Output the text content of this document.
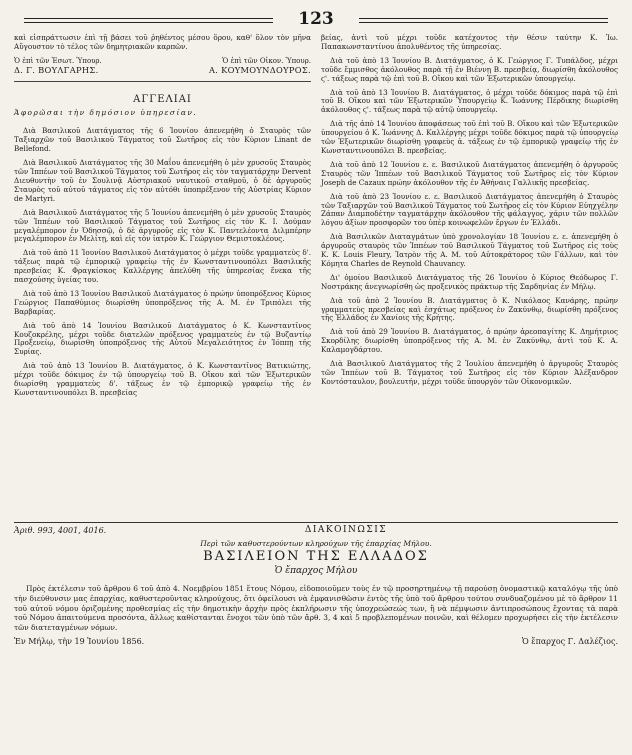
123

καὶ εἰσπράττωσιν ἐπὶ τῇ βάσει τοῦ ῥηθέντος μέσου ὅρου, καθ' ὅλον τὸν μῆνα Αὔγουστον τὸ τέλος τῶν δημητριακῶν καρπῶν.

Ὁ ἐπὶ τῶν Ἐσωτ. Ὑπουρ.	Ὁ ἐπὶ τῶν Οἰκον. Ὑπουρ.
Δ. Γ. ΒΟΥΛΓΑΡΗΣ.	Α. ΚΟΥΜΟΥΝΔΟΥΡΟΣ.
ΑΓΓΕΛΙΑΙ
Ἀφορῶσαι τὴν δημόσιον ὑπηρεσίαν.

Διὰ Βασιλικοῦ Διατάγματος τῆς 6 Ἰουνίου ἀπενεμήθη ὁ Σταυρὸς τῶν Ταξιαρχῶν τοῦ Βασιλικοῦ Τάγματος τοῦ Σωτῆρος εἰς τὸν Κύριον Linant de Bellefond.

Διὰ Βασιλικοῦ Διατάγματος τῆς 30 Μαΐου ἀπενεμήθη ὁ μὲν χρυσοῦς Σταυρὸς τῶν Ἱππέων τοῦ Βασιλικοῦ Τάγματος τοῦ Σωτῆρος εἰς τὸν ταγματάρχην Dervent Διευθυντὴν τοῦ ἐν Σουλινᾷ Αὐστριακοῦ ναυτικοῦ σταθμοῦ, ὁ δὲ ἀργυροῦς Σταυρὸς τοῦ αὐτοῦ τάγματος εἰς τὸν αὐτόθι ὑποπρέξενον τῆς Αὐστρίας Κύριον de Martyri.

Διὰ Βασιλικοῦ Διατάγματος τῆς 5 Ἰουνίου ἀπενεμήθη ὁ μὲν χρυσοῦς Σταυρὸς τῶν Ἱππέων τοῦ Βασιλικοῦ Τάγματος τοῦ Σωτῆρος εἰς τὸν Κ. Ι. Δούμαν μεγαλέμπορον ἐν Ὀδησσῷ, ὁ δὲ ἀργυροῦς εἰς τὸν Κ. Παντελέοντα Διλμπέρην μεγαλέμπορον ἐν Μελίτῃ, καὶ εἰς τὸν ἰατρὸν Κ. Γεώργιον Θεμιστοκλέους.

Διὰ τοῦ ἀπὸ 11 Ἰουνίου Βασιλικοῦ Διατάγματος ὁ μέχρι τοῦδε γραμματεὺς δ'. τάξεως παρὰ τῷ ἐμπορικῷ γραφείῳ τῆς ἐν Κωνσταντινουπόλει Βασιλικῆς πρεσβείας Κ. Φραγκίσκος Καλλέργης ἀπελύθη τῆς ὑπηρεσίας ἕνεκα τῆς πασχούσης ὑγείας του.

Διὰ τοῦ ἀπὸ 13 Ἰουνίου Βασιλικοῦ Διατάγματος ὁ πρώην ὑποπρόξενος Κύριος Γεώργιος Παπαθύμιος διωρίσθη ὑποπρόξενος τῆς Α. Μ. ἐν Τριπόλει τῆς Βαρβαρίας.

Διὰ τοῦ ἀπὸ 14 Ἰουνίου Βασιλικοῦ Διατάγματος ὁ Κ. Κωνσταντῖνος Κουζοκρέλης, μέχρι τοῦδε διατελῶν πρόξενος γραμματεὺς ἐν τῷ Βυζαντίῳ Προξενείῳ, διωρίσθη ὑποπρόξενος τῆς Αὐτοῦ Μεγαλειότητος ἐν Ἰόππῃ τῆς Συρίας.

Διὰ τοῦ ἀπὸ 13 Ἰουνίου Β. Διατάγματος, ὁ Κ. Κωνσταντῖνος Βατικιώτης, μέχρι τοῦδε δόκιμος ἐν τῷ ὑπουργείῳ τοῦ Β. Οἴκου καὶ τῶν Ἐξωτερικῶν διωρίσθη γραμματεὺς δ'. τάξεως ἐν τῷ ἐμπορικῷ γραφείῳ τῆς ἐν Κωνσταντινουπόλει Β. πρεσβείας

βείας, ἀντὶ τοῦ μέχρι τοῦδε κατέχοντος τὴν θέσιν ταύτην Κ. Ἰω. Παπακωνσταντίνου ἀπολυθέντος τῆς ὑπηρεσίας.

Διὰ τοῦ ἀπὸ 13 Ἰουνίου Β. Διατάγματος, ὁ Κ. Γεώργιος Γ. Τυπάλδος, μέχρι τοῦδε ἔμμισθος ἀκόλουθος παρὰ τῇ ἐν Βιέννῃ Β. πρεσβείᾳ, διωρίσθη ἀκόλουθος ϛ'. τάξεως παρὰ τῷ ἐπὶ τοῦ Β. Οἴκου καὶ τῶν Ἐξωτερικῶν ὑπουργείῳ.

Διὰ τοῦ ἀπὸ 13 Ἰουνίου Β. Διατάγματος, ὁ μέχρι τοῦδε δόκιμος παρὰ τῷ ἐπὶ τοῦ Β. Οἴκου καὶ τῶν Ἐξωτερικῶν Ὑπουργείῳ Κ. Ἰωάννης Πέρδικης διωρίσθη ἀκόλουθος ϛ'. τάξεως παρὰ τῷ αὐτῷ ὑπουργείῳ.

Διὰ τῆς ἀπὸ 14 Ἰουνίου ἀποφάσεως τοῦ ἐπὶ τοῦ Β. Οἴκου καὶ τῶν Ἐξωτερικῶν ὑπουργείου ὁ Κ. Ἰωάννης Δ. Καλλέργης μέχρι τοῦδε δόκιμος παρὰ τῷ ὑπουργείῳ τῶν Ἐξωτερικῶν διωρίσθη γραφεὺς ἀ. τάξεως ἐν τῷ ἐμπορικῷ γραφείῳ τῆς ἐν Κωνσταντινουπόλει Β. πρεσβείας.

Διὰ τοῦ ἀπὸ 12 Ἰουνίου ε. ε. Βασιλικοῦ Διατάγματος ἀπενεμήθη ὁ ἀργυροῦς Σταυρὸς τῶν Ἱππέων τοῦ Βασιλικοῦ Τάγματος τοῦ Σωτῆρος εἰς τὸν Κύριον Joseph de Cazaux πρώην ἀκόλουθον τῆς ἐν Ἀθήναις Γαλλικῆς πρεσβείας.

Διὰ τοῦ ἀπὸ 23 Ἰουνίου ε. ε. Βασιλικοῦ Διατάγματος ἀπενεμήθη ὁ Σταυρὸς τῶν Ταξιαρχῶν τοῦ Βασιλικοῦ Τάγματος τοῦ Σωτῆρος εἰς τὸν Κύριον Εὐηχγέλην Ζάπαν Διαμποδέτην ταγματάρχην ἀκόλουθον τῆς φάλαγγος, χάριν τῶν πολλῶν λόγου ἀξίων προσφορῶν του ὑπὲρ κοινωφελῶν ἔργων ἐν Ἑλλάδι.

Διὰ Βασιλικῶν Διαταγμάτων ὑπὸ χρονολογίαν 18 Ἰουνίου ε. ε. ἀπενεμήθη ὁ ἀργυροῦς σταυρὸς τῶν Ἱππέων τοῦ Βασιλικοῦ Τάγματος τοῦ Σωτῆρος εἰς τοὺς Κ. Κ. Louis Fleury, Ἰατρὸν τῆς Α. Μ. τοῦ Αὐτοκράτορος τῶν Γάλλων, καὶ τὸν Κόμητα Charles de Reynold Chauvancy.

Δι' ὁμοίου Βασιλικοῦ Διατάγματος τῆς 26 Ἰουνίου ὁ Κύριος Θεόδωρος Γ. Νοστράκης ἀνεγνωρίσθη ὡς προξενικὸς πράκτωρ τῆς Σαρδηνίας ἐν Μήλῳ.

Διὰ τοῦ ἀπὸ 2 Ἰουνίου Β. Διατάγματος ὁ Κ. Νικόλαος Κανάρης, πρώην γραμματεὺς πρεσβείας καὶ ἐσχάτως πρόξενος ἐν Ζακύνθῳ, διωρίσθη πρόξενος τῆς Ἑλλάδος ἐν Χανίοις τῆς Κρήτης.

Διὰ τοῦ ἀπὸ 29 Ἰουνίου Β. Διατάγματος, ὁ πρώην ἀρεοπαγίτης Κ. Δημήτριος Σκορδίλης διωρίσθη ὑποπρόξενος τῆς Α. Μ. ἐν Ζακύνθῳ, ἀντὶ τοῦ Κ. Α. Καλαμογδάρτου.

Διὰ Βασιλικοῦ Διατάγματος τῆς 2 Ἰουλίου ἀπενεμήθη ὁ ἀργυροῦς Σταυρὸς τῶν Ἱππέων τοῦ Β. Τάγματος τοῦ Σωτῆρος εἰς τὸν Κύριον Ἀλέξανδρον Κοντόσταυλον, βουλευτήν, μέχρι τοῦδε ὑπουργὸν τῶν Οἰκονομικῶν.

Ἀριθ. 993, 4001, 4016.	ΔΙΑΚΟΙΝΩΣΙΣ
Περὶ τῶν καθυστερούντων κληρούχων τῆς ἐπαρχίας Μήλου.
ΒΑΣΙΛΕΙΟΝ ΤΗΣ ΕΛΛΑΔΟΣ
Ὁ ἔπαρχος Μήλου
Πρὸς ἐκτέλεσιν τοῦ ἄρθρου 6 τοῦ ἀπὸ 4. Νοεμβρίου 1851 ἔτους Νόμου, εἰδοποιοῦμεν τοὺς ἐν τῷ προσηρτημένῳ τῇ παρούσῃ ὀνομαστικῷ καταλόγῳ τῆς ὑπὸ τὴν διεύθυνσιν μας ἐπαρχίας, καθυστεροῦντας κληρούχους, ὅτι ὀφείλουσι νὰ ἐμφανισθῶσιν ἐντὸς τῆς ὑπὸ τοῦ ἄρθρου τούτου συνδυαζομένου μὲ τὸ ἄρθρον 11 τοῦ αὐτοῦ νόμου ὁριζομένης προθεσμίας εἰς τὴν δημοτικὴν ἀρχὴν πρὸς ἐκπλήρωσιν τῆς ὑποχρεώσεώς των, ἢ νὰ πέμψωσιν ἀντιπροσώπους ἔχοντας τὰ παρὰ τοῦ Νόμου ἀπαιτούμενα προσόντα, ἄλλως καθίστανται ἔνοχοι τῶν ὑπὸ τῶν ἄρθ. 3, 4 καὶ 5 προβλεπομένων ποινῶν, καὶ θέλομεν προχωρήσει εἰς τὴν ἐκτέλεσιν τῶν διατεταγμένων νόμων.
Ἐν Μήλῳ, τὴν 19 Ἰουνίου 1856.	Ὁ ἔπαρχος Γ. Δαλέζιος.
